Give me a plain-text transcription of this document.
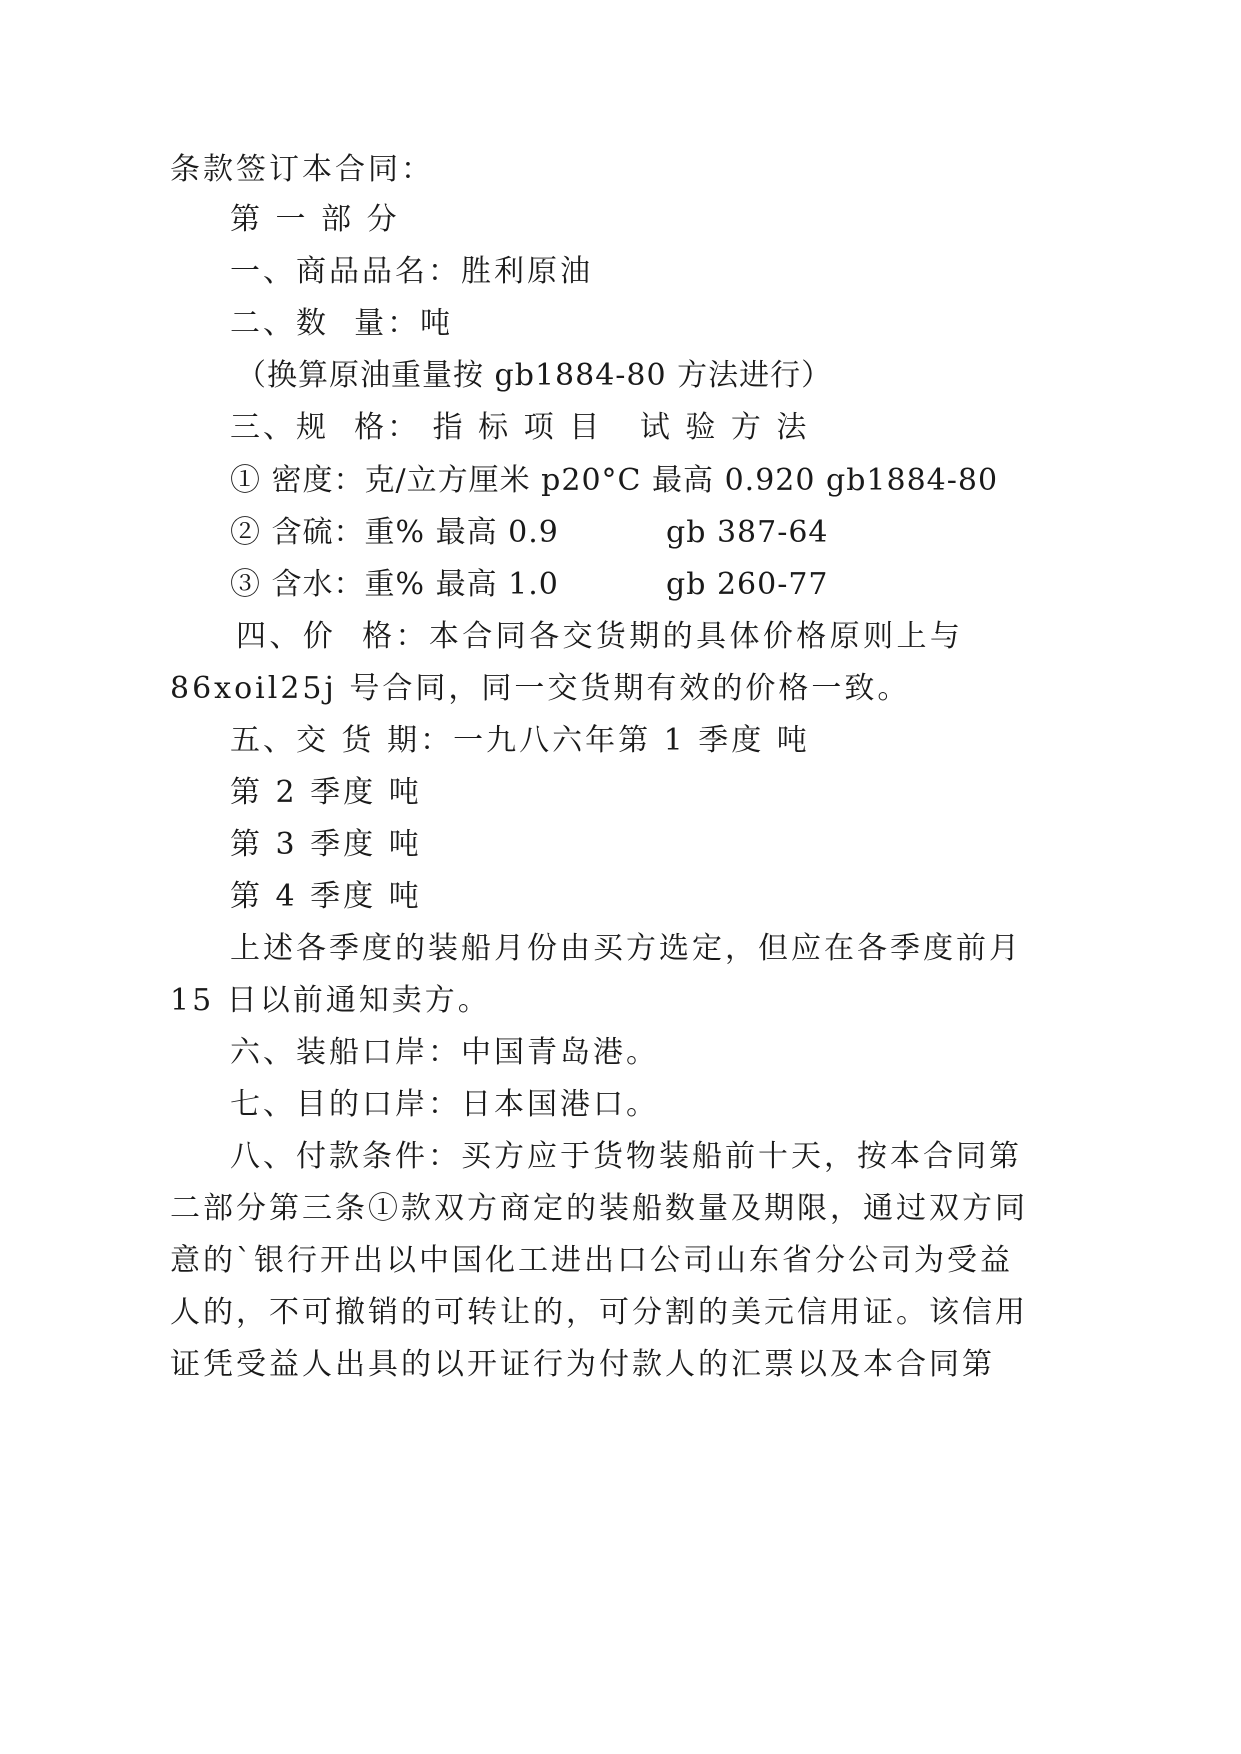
条款签订本合同：
第 一 部 分
一、商品品名：胜利原油
二、数  量：吨
（换算原油重量按 gb1884-80 方法进行）
三、规  格： 指 标 项 目   试 验 方 法
① 密度：克/立方厘米 p20°C 最高 0.920 gb1884-80
② 含硫：重% 最高 0.9	gb 387-64
③ 含水：重% 最高 1.0	gb 260-77
四、价  格：本合同各交货期的具体价格原则上与
86xoil25j 号合同，同一交货期有效的价格一致。
五、交 货 期：一九八六年第 1 季度 吨
第 2 季度 吨
第 3 季度 吨
第 4 季度 吨
上述各季度的装船月份由买方选定，但应在各季度前月
15 日以前通知卖方。
六、装船口岸：中国青岛港。
七、目的口岸：日本国港口。
八、付款条件：买方应于货物装船前十天，按本合同第
二部分第三条①款双方商定的装船数量及期限，通过双方同
意的`银行开出以中国化工进出口公司山东省分公司为受益
人的，不可撤销的可转让的，可分割的美元信用证。该信用
证凭受益人出具的以开证行为付款人的汇票以及本合同第
